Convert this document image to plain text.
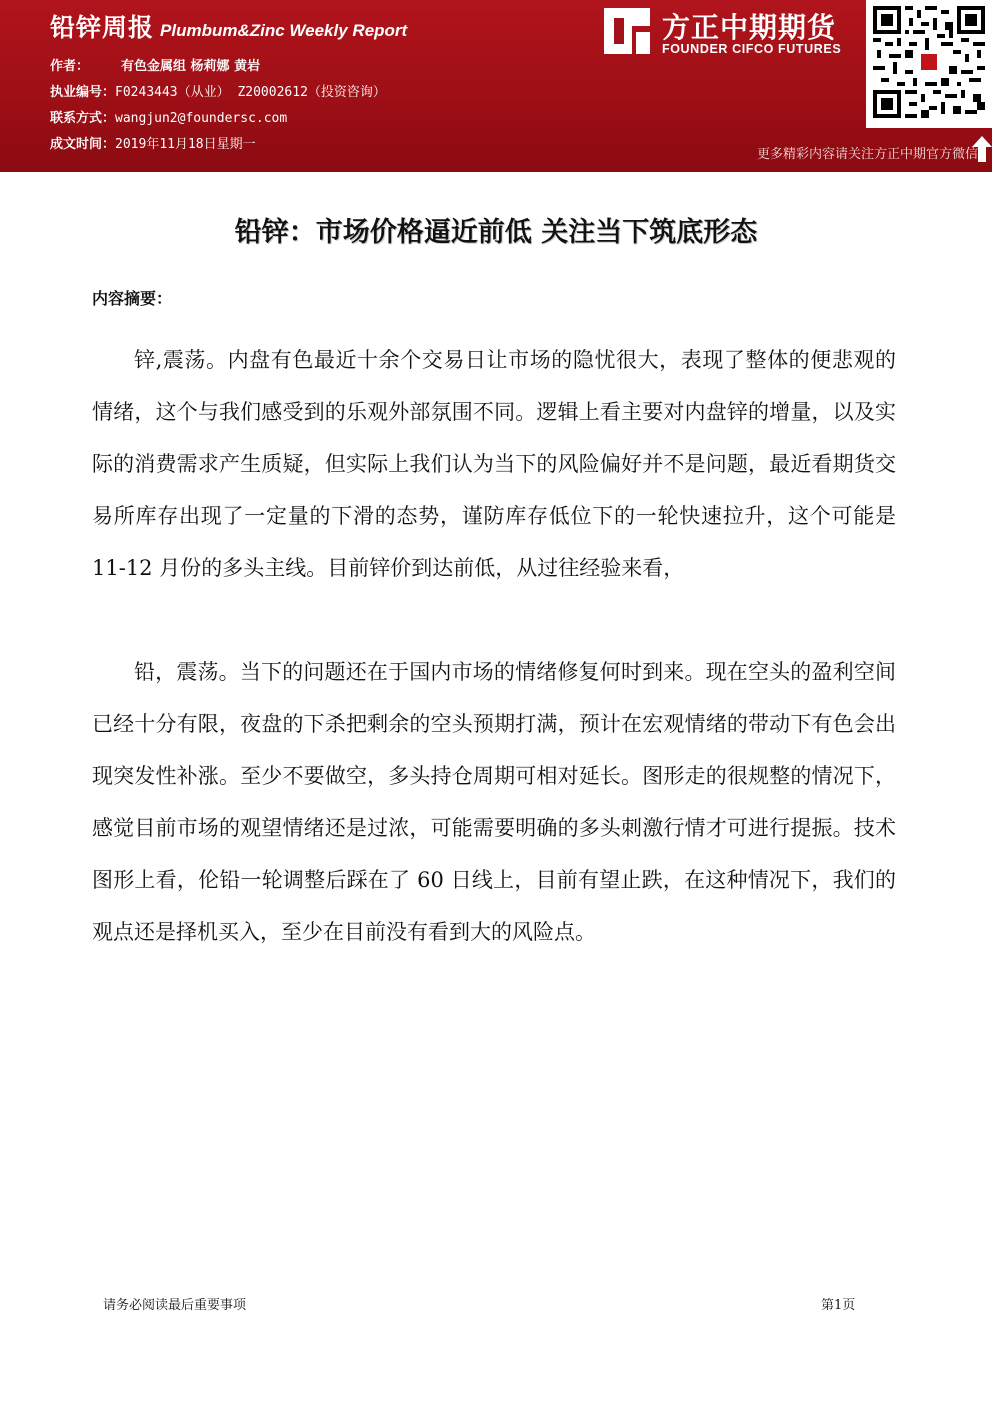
铅锌周报 Plumbum&Zinc Weekly Report
作者： 有色金属组 杨莉娜 黄岩
执业编号：F0243443（从业） Z20002612（投资咨询）
联系方式：wangjun2@foundersc.com
成文时间：2019年11月18日星期一
方正中期期货
FOUNDER CIFCO FUTURES
更多精彩内容请关注方正中期官方微信
铅锌：市场价格逼近前低 关注当下筑底形态
内容摘要：

锌,震荡。内盘有色最近十余个交易日让市场的隐忧很大，表现了整体的便悲观的情绪，这个与我们感受到的乐观外部氛围不同。逻辑上看主要对内盘锌的增量，以及实际的消费需求产生质疑，但实际上我们认为当下的风险偏好并不是问题，最近看期货交易所库存出现了一定量的下滑的态势，谨防库存低位下的一轮快速拉升，这个可能是 11-12 月份的多头主线。目前锌价到达前低，从过往经验来看，

铅，震荡。当下的问题还在于国内市场的情绪修复何时到来。现在空头的盈利空间已经十分有限，夜盘的下杀把剩余的空头预期打满，预计在宏观情绪的带动下有色会出现突发性补涨。至少不要做空，多头持仓周期可相对延长。图形走的很规整的情况下，感觉目前市场的观望情绪还是过浓，可能需要明确的多头刺激行情才可进行提振。技术图形上看，伦铅一轮调整后踩在了 60 日线上，目前有望止跌，在这种情况下，我们的观点还是择机买入，至少在目前没有看到大的风险点。

请务必阅读最后重要事项	第1页
